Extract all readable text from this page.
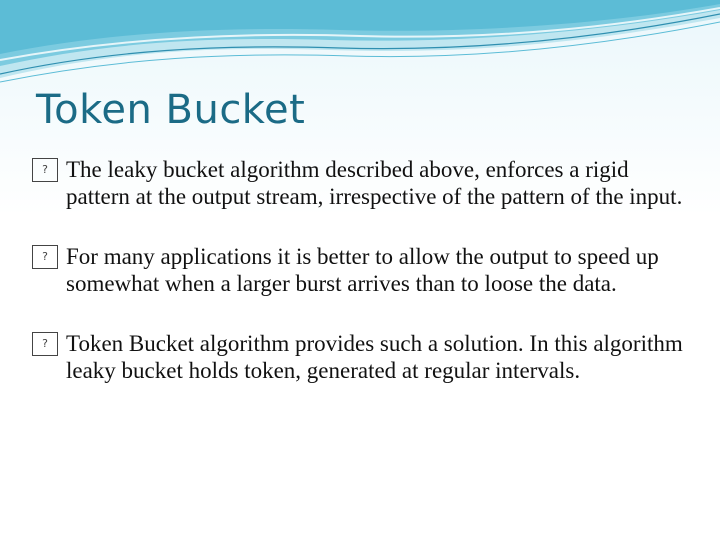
Token Bucket
? The leaky bucket algorithm described above, enforces a rigid pattern at the output stream, irrespective of the pattern of the input.
? For many applications it is better to allow the output to speed up somewhat when a larger burst arrives than to loose the data.
? Token Bucket algorithm provides such a solution. In this algorithm leaky bucket holds token, generated at regular intervals.
